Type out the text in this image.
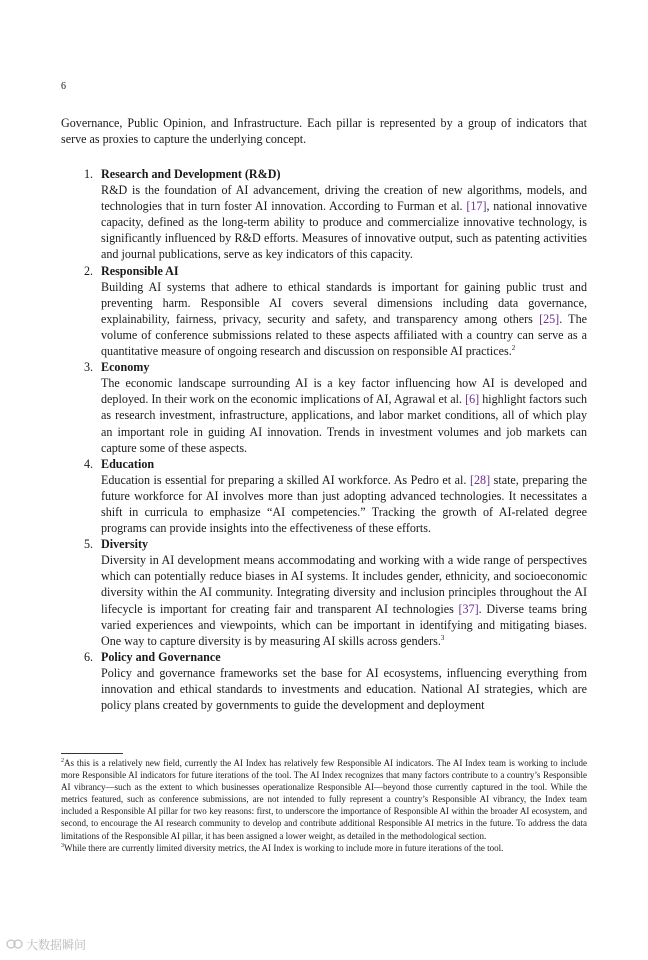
6

Governance, Public Opinion, and Infrastructure. Each pillar is represented by a group of indicators that serve as proxies to capture the underlying concept.

1. Research and Development (R&D)
R&D is the foundation of AI advancement, driving the creation of new algorithms, models, and technologies that in turn foster AI innovation. According to Furman et al. [17], national innovative capacity, defined as the long-term ability to produce and commercialize innovative technology, is significantly influenced by R&D efforts. Measures of innovative output, such as patenting activities and journal publications, serve as key indicators of this capacity.
2. Responsible AI
Building AI systems that adhere to ethical standards is important for gaining public trust and preventing harm. Responsible AI covers several dimensions including data governance, explainability, fairness, privacy, security and safety, and transparency among others [25]. The volume of conference submissions related to these aspects affiliated with a country can serve as a quantitative measure of ongoing research and discussion on responsible AI practices.$^2$
3. Economy
The economic landscape surrounding AI is a key factor influencing how AI is developed and deployed. In their work on the economic implications of AI, Agrawal et al. [6] highlight factors such as research investment, infrastructure, applications, and labor market conditions, all of which play an important role in guiding AI innovation. Trends in investment volumes and job markets can capture some of these aspects.
4. Education
Education is essential for preparing a skilled AI workforce. As Pedro et al. [28] state, preparing the future workforce for AI involves more than just adopting advanced technologies. It necessitates a shift in curricula to emphasize “AI competencies.” Tracking the growth of AI-related degree programs can provide insights into the effectiveness of these efforts.
5. Diversity
Diversity in AI development means accommodating and working with a wide range of perspectives which can potentially reduce biases in AI systems. It includes gender, ethnicity, and socioeconomic diversity within the AI community. Integrating diversity and inclusion principles throughout the AI lifecycle is important for creating fair and transparent AI technologies [37]. Diverse teams bring varied experiences and viewpoints, which can be important in identifying and mitigating biases. One way to capture diversity is by measuring AI skills across genders.$^3$
6. Policy and Governance
Policy and governance frameworks set the base for AI ecosystems, influencing everything from innovation and ethical standards to investments and education. National AI strategies, which are policy plans created by governments to guide the development and deployment

$^2$As this is a relatively new field, currently the AI Index has relatively few Responsible AI indicators. The AI Index team is working to include more Responsible AI indicators for future iterations of the tool. The AI Index recognizes that many factors contribute to a country’s Responsible AI vibrancy—such as the extent to which businesses operationalize Responsible AI—beyond those currently captured in the tool. While the metrics featured, such as conference submissions, are not intended to fully represent a country’s Responsible AI vibrancy, the Index team included a Responsible AI pillar for two key reasons: first, to underscore the importance of Responsible AI within the broader AI ecosystem, and second, to encourage the AI research community to develop and contribute additional Responsible AI metrics in the future. To address the data limitations of the Responsible AI pillar, it has been assigned a lower weight, as detailed in the methodological section.

$^3$While there are currently limited diversity metrics, the AI Index is working to include more in future iterations of the tool.

大数据瞬间
